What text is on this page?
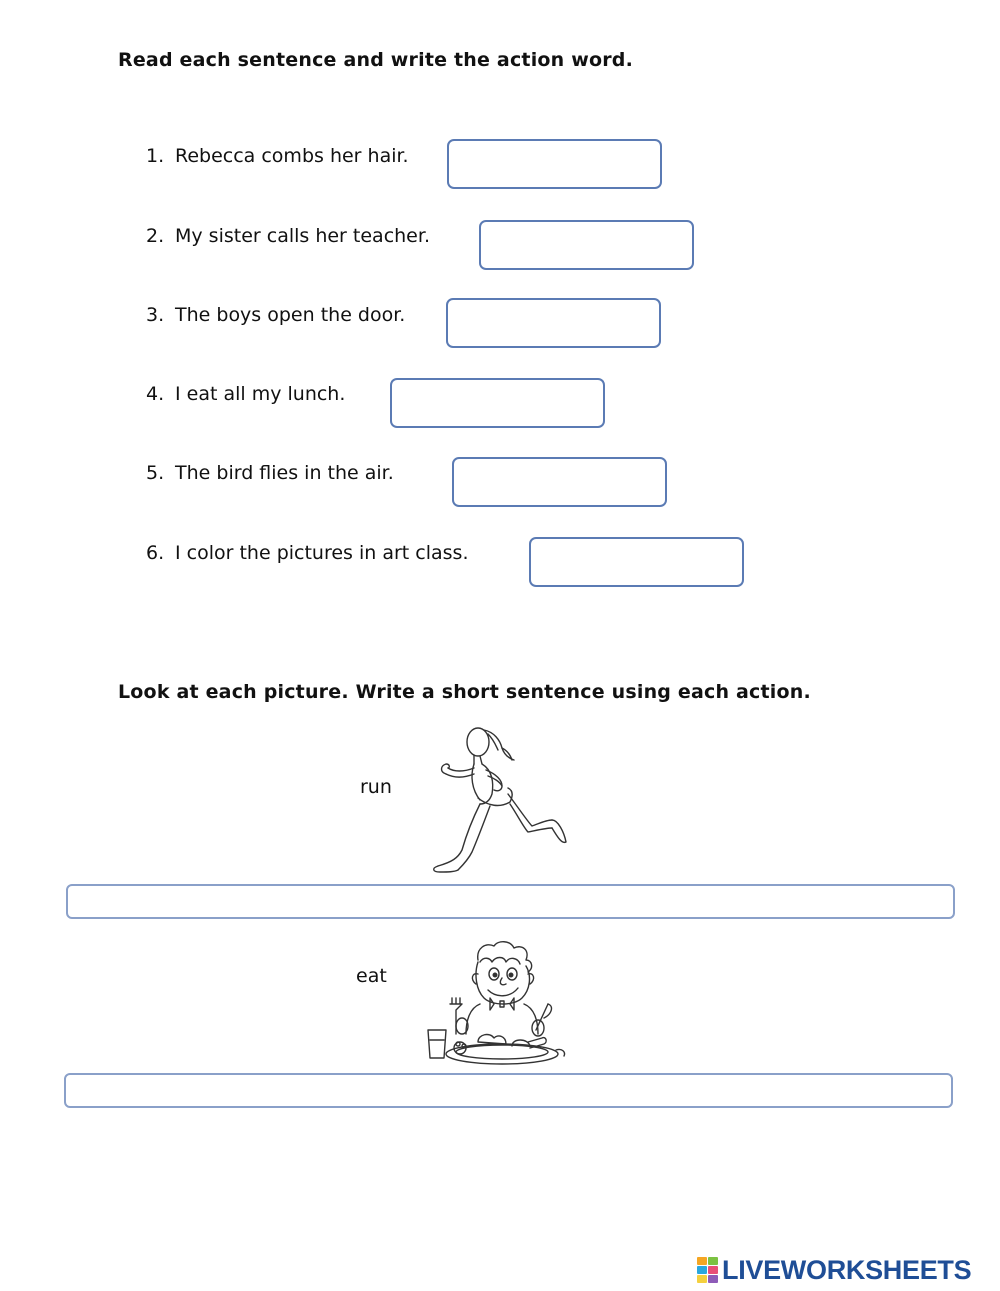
Read each sentence and write the action word.
1. Rebecca combs her hair.
2. My sister calls her teacher.
3. The boys open the door.
4. I eat all my lunch.
5. The bird flies in the air.
6. I color the pictures in art class.
Look at each picture. Write a short sentence using each action.
run
eat
LIVEWORKSHEETS
